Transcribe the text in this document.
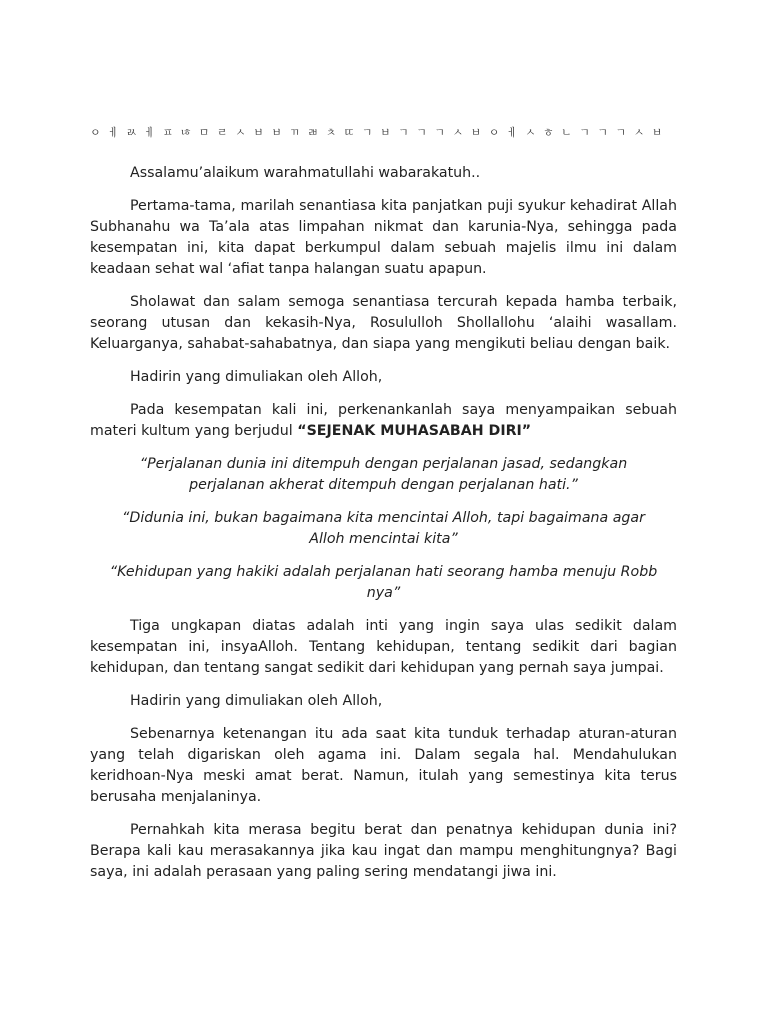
ㅇ ㅔ ㄽ ㅔ ㅍ ㄶ ㅁ ㄹ ㅅ ㅂ ㅂ ㄲ ㄼ ㅊ ㄸ ㄱ ㅂ ㄱ ㄱ ㄱ ㅅ ㅂ ㅇ ㅔ ㅅ ㅎ ㄴ ㄱ ㄱ ㄱ ㅅ ㅂ

Assalamu’alaikum warahmatullahi wabarakatuh..

Pertama-tama, marilah senantiasa kita panjatkan puji syukur kehadirat Allah Subhanahu wa Ta’ala atas limpahan nikmat dan karunia-Nya, sehingga pada kesempatan ini, kita dapat berkumpul dalam sebuah majelis ilmu ini dalam keadaan sehat wal ‘afiat tanpa halangan suatu apapun.

Sholawat dan salam semoga senantiasa tercurah kepada hamba terbaik, seorang utusan dan kekasih-Nya, Rosululloh Shollallohu ‘alaihi wasallam. Keluarganya, sahabat-sahabatnya, dan siapa yang mengikuti beliau dengan baik.

Hadirin yang dimuliakan oleh Alloh,

Pada kesempatan kali ini, perkenankanlah saya menyampaikan sebuah materi kultum yang berjudul “SEJENAK MUHASABAH DIRI”

“Perjalanan dunia ini ditempuh dengan perjalanan jasad, sedangkan perjalanan akherat ditempuh dengan perjalanan hati.”

“Didunia ini, bukan bagaimana kita mencintai Alloh, tapi bagaimana agar Alloh mencintai kita”

“Kehidupan yang hakiki adalah perjalanan hati seorang hamba menuju Robb nya”

Tiga ungkapan diatas adalah inti yang ingin saya ulas sedikit dalam kesempatan ini, insyaAlloh. Tentang kehidupan, tentang sedikit dari bagian kehidupan, dan tentang sangat sedikit dari kehidupan yang pernah saya jumpai.

Hadirin yang dimuliakan oleh Alloh,

Sebenarnya ketenangan itu ada saat kita tunduk terhadap aturan-aturan yang telah digariskan oleh agama ini. Dalam segala hal. Mendahulukan keridhoan-Nya meski amat berat. Namun, itulah yang semestinya kita terus berusaha menjalaninya.

Pernahkah kita merasa begitu berat dan penatnya kehidupan dunia ini? Berapa kali kau merasakannya jika kau ingat dan mampu menghitungnya? Bagi saya, ini adalah perasaan yang paling sering mendatangi jiwa ini.
